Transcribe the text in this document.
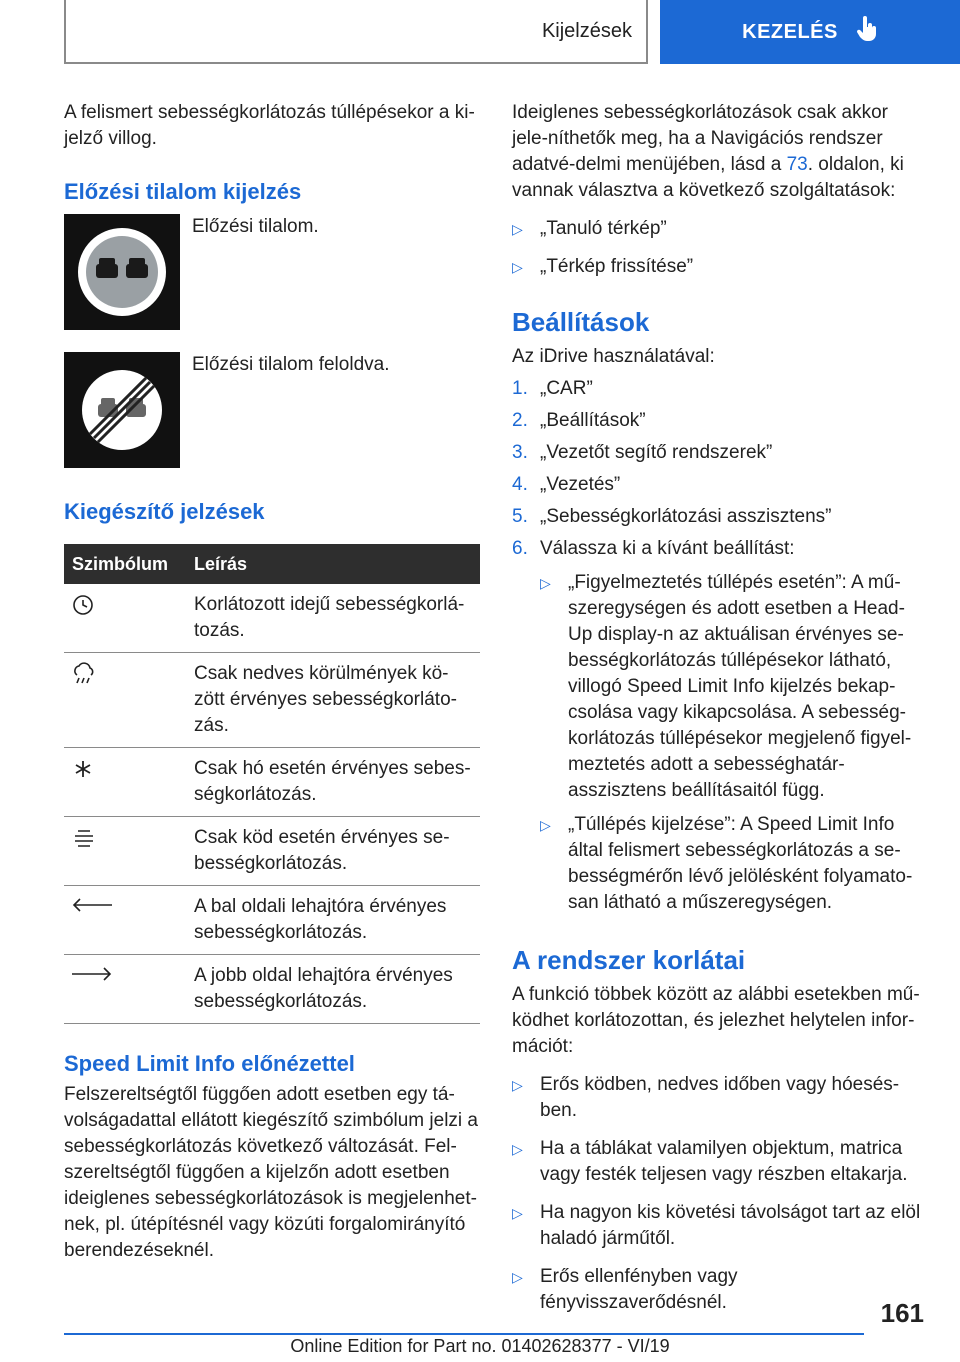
Kijelzések	KEZELÉS

A felismert sebességkorlátozás túllépésekor a ki-jelző villog.

Előzési tilalom kijelzés

Előzési tilalom.

Előzési tilalom feloldva.

Kiegészítő jelzések
Szimbólum	Leírás
	Korlátozott idejű sebességkorlá-tozás.
	Csak nedves körülmények kö-zött érvényes sebességkorláto-zás.
	Csak hó esetén érvényes sebes-ségkorlátozás.
	Csak köd esetén érvényes se-bességkorlátozás.
	A bal oldali lehajtóra érvényes sebességkorlátozás.
	A jobb oldal lehajtóra érvényes sebességkorlátozás.
Speed Limit Info előnézettel

Felszereltségtől függően adott esetben egy tá-volságadattal ellátott kiegészítő szimbólum jelzi a sebességkorlátozás következő változását. Fel-szereltségtől függően a kijelzőn adott esetben ideiglenes sebességkorlátozások is megjelenhet-nek, pl. útépítésnél vagy közúti forgalomirányító berendezéseknél.

Ideiglenes sebességkorlátozások csak akkor jele-níthetők meg, ha a Navigációs rendszer adatvé-delmi menüjében, lásd a 73. oldalon, ki vannak választva a következő szolgáltatások:

▷ „Tanuló térkép”
▷ „Térkép frissítése”
Beállítások

Az iDrive használatával:

1. „CAR”
2. „Beállítások”
3. „Vezetőt segítő rendszerek”
4. „Vezetés”
5. „Sebességkorlátozási asszisztens”
6. Válassza ki a kívánt beállítást:
▷ „Figyelmeztetés túllépés esetén”: A mű-szeregységen és adott esetben a Head-Up display-n az aktuálisan érvényes se-bességkorlátozás túllépésekor látható, villogó Speed Limit Info kijelzés bekap-csolása vagy kikapcsolása. A sebesség-korlátozás túllépésekor megjelenő figyel-meztetés adott a sebességhatár-asszisztens beállításaitól függ.
▷ „Túllépés kijelzése”: A Speed Limit Info által felismert sebességkorlátozás a se-bességmérőn lévő jelölésként folyamato-san látható a műszeregységen.
A rendszer korlátai

A funkció többek között az alábbi esetekben mű-ködhet korlátozottan, és jelezhet helytelen infor-mációt:

▷ Erős ködben, nedves időben vagy hóesés-ben.
▷ Ha a táblákat valamilyen objektum, matrica vagy festék teljesen vagy részben eltakarja.
▷ Ha nagyon kis követési távolságot tart az elöl haladó járműtől.
▷ Erős ellenfényben vagy fényvisszaverődésnél.	161
Online Edition for Part no. 01402628377 - VI/19
